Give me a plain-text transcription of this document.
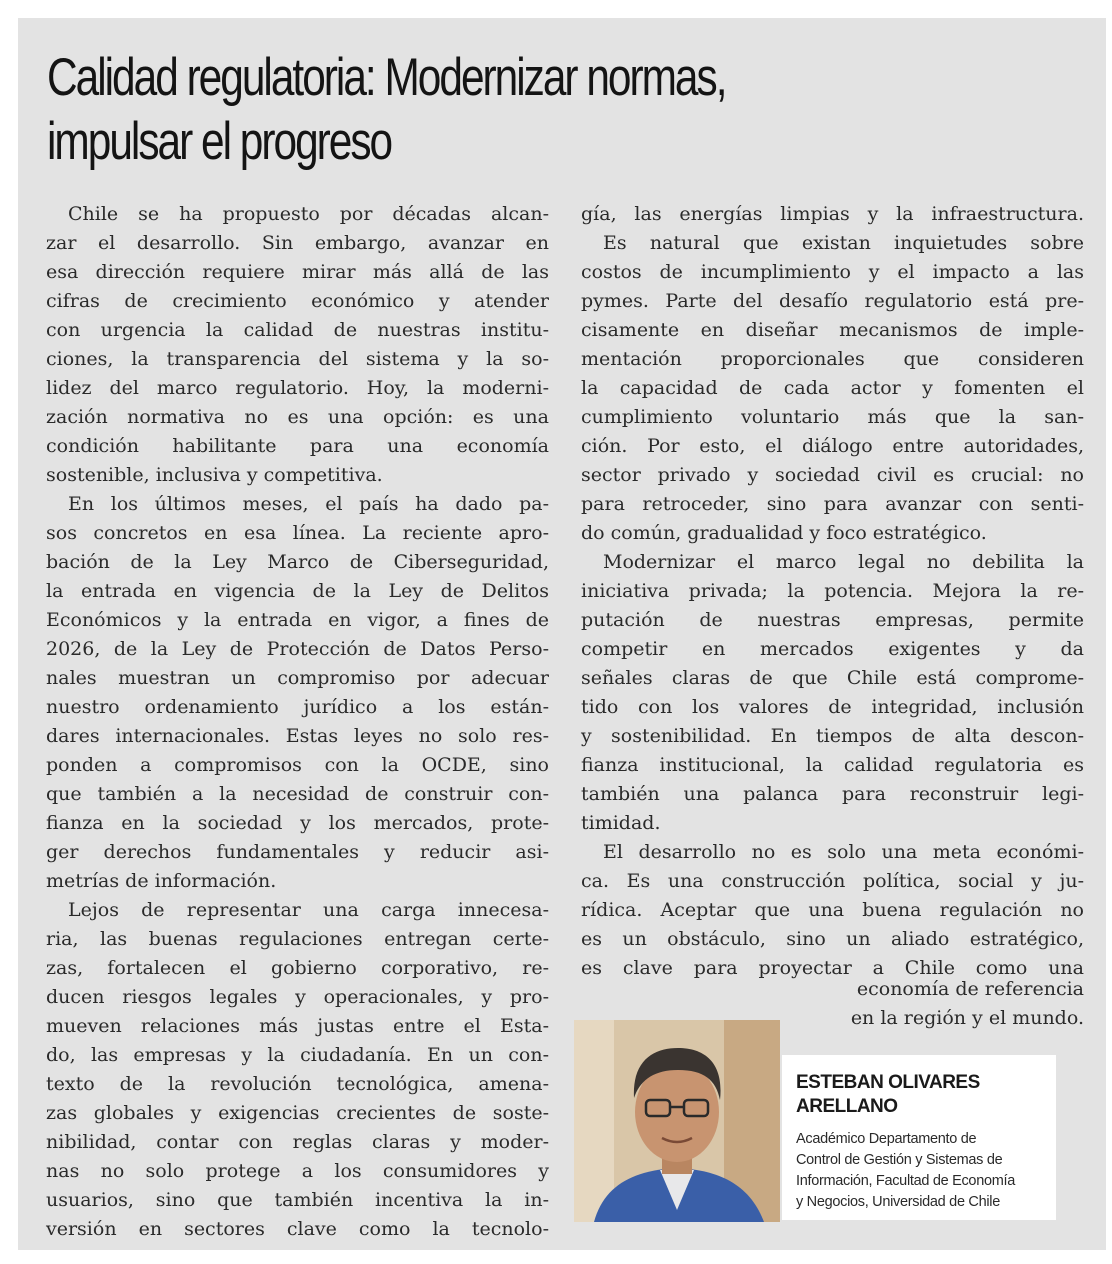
Calidad regulatoria: Modernizar normas,
impulsar el progreso
Chile se ha propuesto por décadas alcan-
zar el desarrollo. Sin embargo, avanzar en
esa dirección requiere mirar más allá de las
cifras de crecimiento económico y atender
con urgencia la calidad de nuestras institu-
ciones, la transparencia del sistema y la so-
lidez del marco regulatorio. Hoy, la moderni-
zación normativa no es una opción: es una
condición habilitante para una economía
sostenible, inclusiva y competitiva.
En los últimos meses, el país ha dado pa-
sos concretos en esa línea. La reciente apro-
bación de la Ley Marco de Ciberseguridad,
la entrada en vigencia de la Ley de Delitos
Económicos y la entrada en vigor, a fines de
2026, de la Ley de Protección de Datos Perso-
nales muestran un compromiso por adecuar
nuestro ordenamiento jurídico a los están-
dares internacionales. Estas leyes no solo res-
ponden a compromisos con la OCDE, sino
que también a la necesidad de construir con-
fianza en la sociedad y los mercados, prote-
ger derechos fundamentales y reducir asi-
metrías de información.
Lejos de representar una carga innecesa-
ria, las buenas regulaciones entregan certe-
zas, fortalecen el gobierno corporativo, re-
ducen riesgos legales y operacionales, y pro-
mueven relaciones más justas entre el Esta-
do, las empresas y la ciudadanía. En un con-
texto de la revolución tecnológica, amena-
zas globales y exigencias crecientes de soste-
nibilidad, contar con reglas claras y moder-
nas no solo protege a los consumidores y
usuarios, sino que también incentiva la in-
versión en sectores clave como la tecnolo-
gía, las energías limpias y la infraestructura.
Es natural que existan inquietudes sobre
costos de incumplimiento y el impacto a las
pymes. Parte del desafío regulatorio está pre-
cisamente en diseñar mecanismos de imple-
mentación proporcionales que consideren
la capacidad de cada actor y fomenten el
cumplimiento voluntario más que la san-
ción. Por esto, el diálogo entre autoridades,
sector privado y sociedad civil es crucial: no
para retroceder, sino para avanzar con senti-
do común, gradualidad y foco estratégico.
Modernizar el marco legal no debilita la
iniciativa privada; la potencia. Mejora la re-
putación de nuestras empresas, permite
competir en mercados exigentes y da
señales claras de que Chile está comprome-
tido con los valores de integridad, inclusión
y sostenibilidad. En tiempos de alta descon-
fianza institucional, la calidad regulatoria es
también una palanca para reconstruir legi-
timidad.
El desarrollo no es solo una meta económi-
ca. Es una construcción política, social y ju-
rídica. Aceptar que una buena regulación no
es un obstáculo, sino un aliado estratégico,
es clave para proyectar a Chile como una
economía de referencia
en la región y el mundo.
ESTEBAN OLIVARES
ARELLANO
Académico Departamento de
Control de Gestión y Sistemas de
Información, Facultad de Economía
y Negocios, Universidad de Chile
